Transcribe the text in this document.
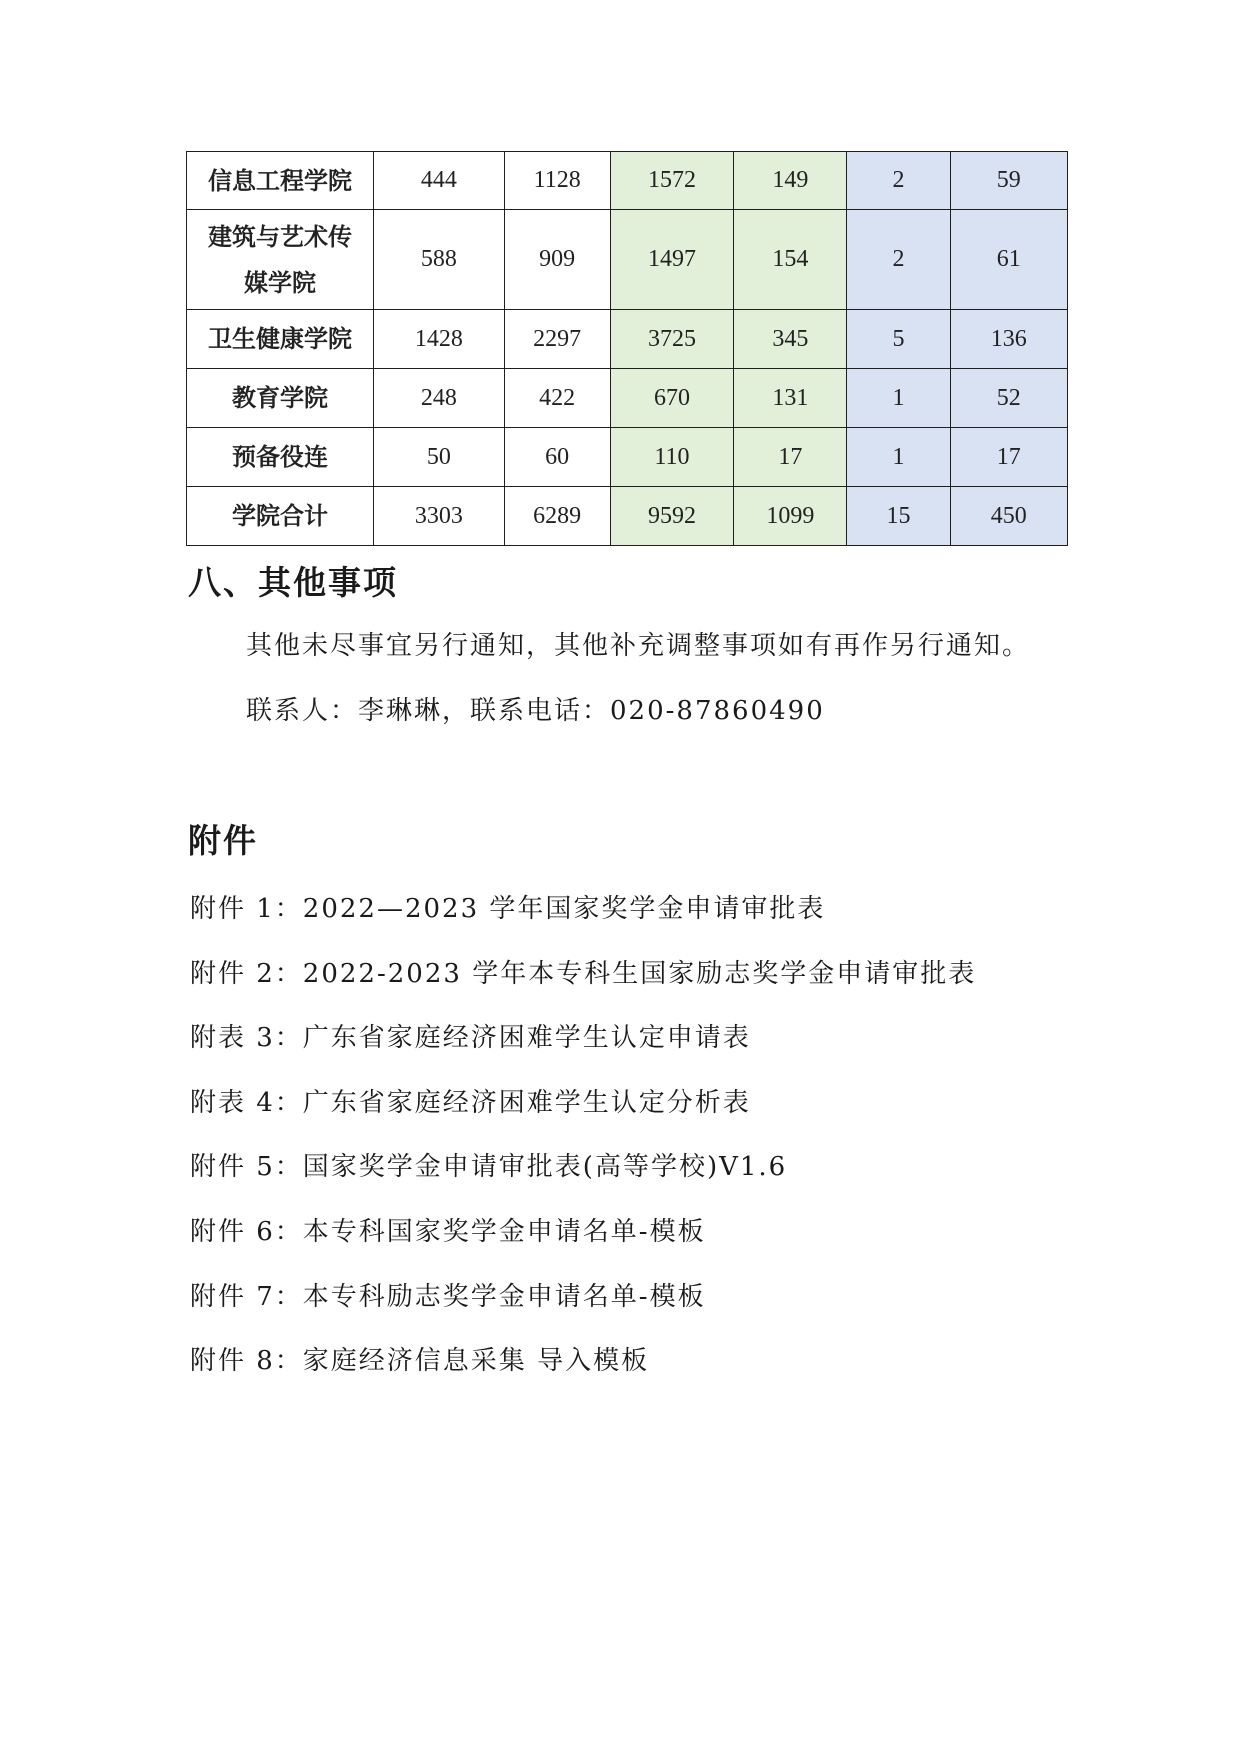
信息工程学院	444	1128	1572	149	2	59

建筑与艺术传
媒学院	588	909	1497	154	2	61

卫生健康学院	1428	2297	3725	345	5	136

教育学院	248	422	670	131	1	52

预备役连	50	60	110	17	1	17

学院合计	3303	6289	9592	1099	15	450
八、其他事项
其他未尽事宜另行通知，其他补充调整事项如有再作另行通知。
联系人：李琳琳，联系电话：020-87860490
附件
附件 1：2022—2023 学年国家奖学金申请审批表
附件 2：2022-2023 学年本专科生国家励志奖学金申请审批表
附表 3：广东省家庭经济困难学生认定申请表
附表 4：广东省家庭经济困难学生认定分析表
附件 5：国家奖学金申请审批表(高等学校)V1.6
附件 6：本专科国家奖学金申请名单-模板
附件 7：本专科励志奖学金申请名单-模板
附件 8：家庭经济信息采集 导入模板
